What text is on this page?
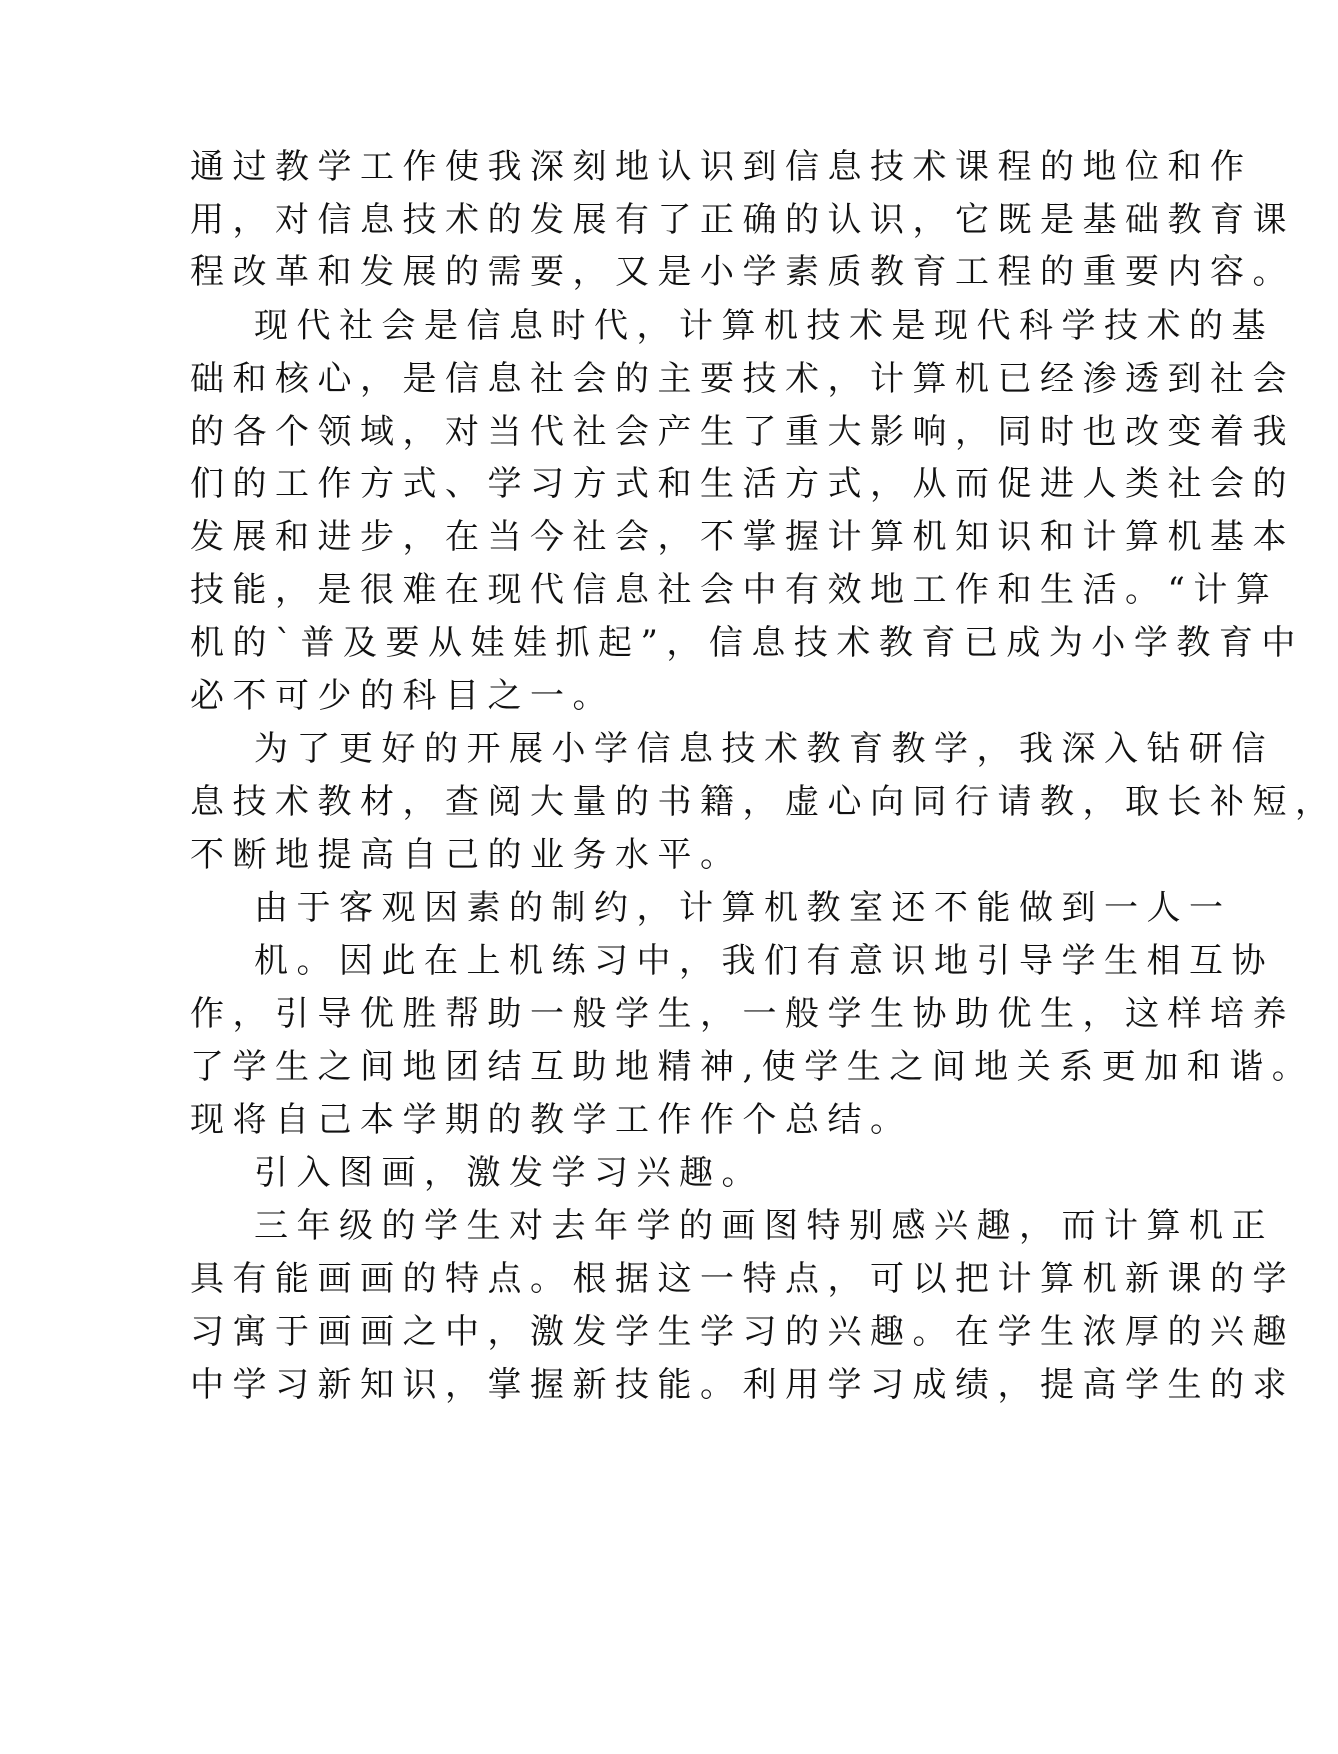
通过教学工作使我深刻地认识到信息技术课程的地位和作
用，对信息技术的发展有了正确的认识，它既是基础教育课
程改革和发展的需要，又是小学素质教育工程的重要内容。
现代社会是信息时代，计算机技术是现代科学技术的基
础和核心，是信息社会的主要技术，计算机已经渗透到社会
的各个领域，对当代社会产生了重大影响，同时也改变着我
们的工作方式、学习方式和生活方式，从而促进人类社会的
发展和进步，在当今社会，不掌握计算机知识和计算机基本
技能，是很难在现代信息社会中有效地工作和生活。“计算
机的`普及要从娃娃抓起”，信息技术教育已成为小学教育中
必不可少的科目之一。
为了更好的开展小学信息技术教育教学，我深入钻研信
息技术教材，查阅大量的书籍，虚心向同行请教，取长补短，
不断地提高自己的业务水平。
由于客观因素的制约，计算机教室还不能做到一人一
机。因此在上机练习中，我们有意识地引导学生相互协
作，引导优胜帮助一般学生，一般学生协助优生，这样培养
了学生之间地团结互助地精神,使学生之间地关系更加和谐。
现将自己本学期的教学工作作个总结。
引入图画，激发学习兴趣。
三年级的学生对去年学的画图特别感兴趣，而计算机正
具有能画画的特点。根据这一特点，可以把计算机新课的学
习寓于画画之中，激发学生学习的兴趣。在学生浓厚的兴趣
中学习新知识，掌握新技能。利用学习成绩，提高学生的求
